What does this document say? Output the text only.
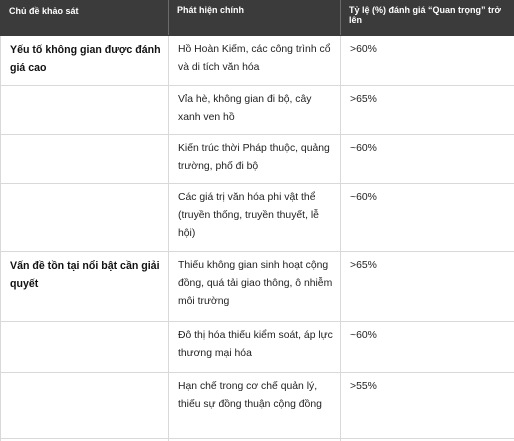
Chủ đề khảo sát	Phát hiện chính	Tỷ lệ (%) đánh giá “Quan trọng” trở lên
Yếu tố không gian được đánh giá cao	Hồ Hoàn Kiếm, các công trình cổ và di tích văn hóa	>60%
	Vỉa hè, không gian đi bộ, cây xanh ven hồ	>65%
	Kiến trúc thời Pháp thuộc, quảng trường, phố đi bộ	~60%
	Các giá trị văn hóa phi vật thể (truyền thống, truyền thuyết, lễ hội)	~60%
Vấn đề tồn tại nổi bật cần giải quyết	Thiếu không gian sinh hoạt cộng đồng, quá tải giao thông, ô nhiễm môi trường	>65%
	Đô thị hóa thiếu kiểm soát, áp lực thương mại hóa	~60%
	Hạn chế trong cơ chế quản lý, thiếu sự đồng thuận cộng đồng	>55%
